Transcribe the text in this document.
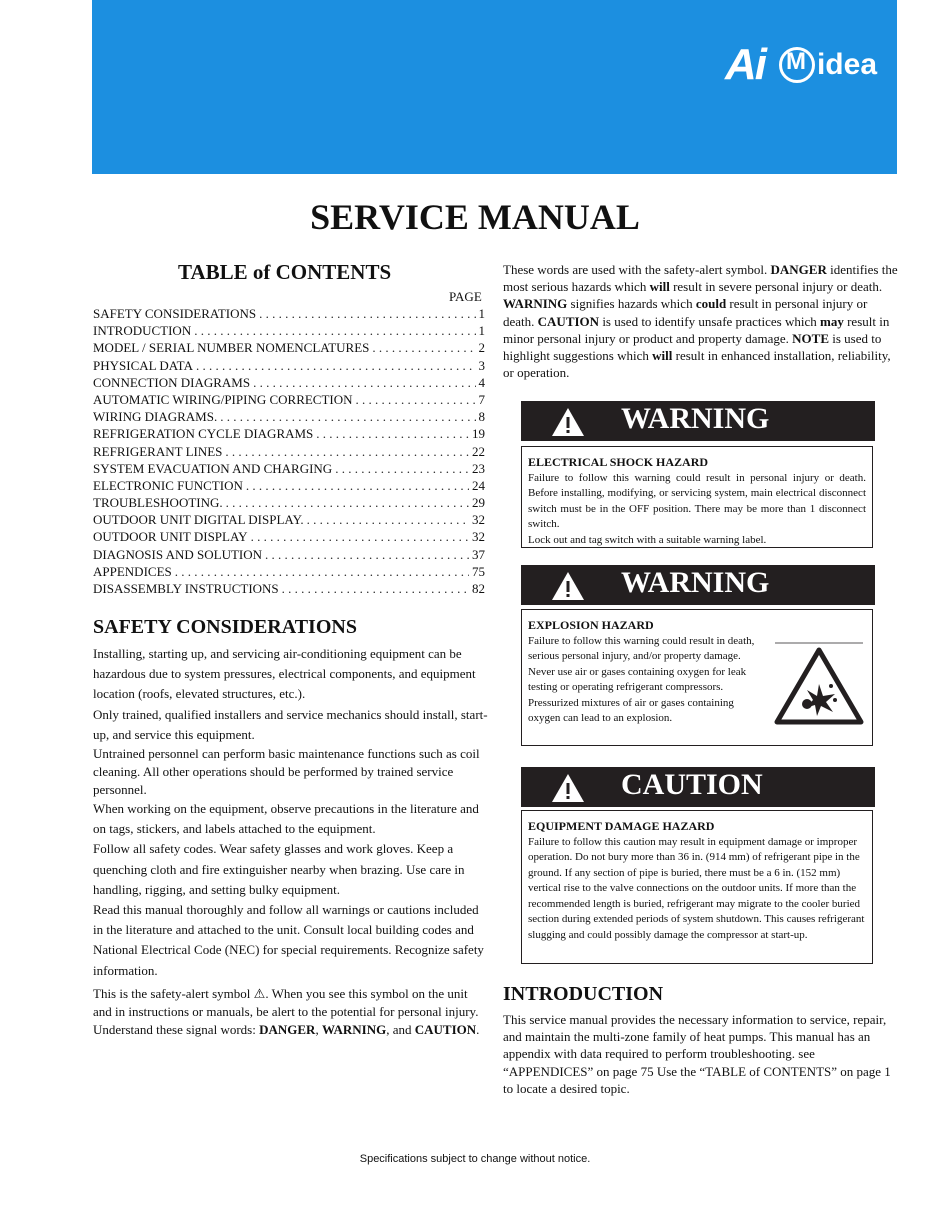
Ai M idea
SERVICE MANUAL
TABLE of CONTENTS
PAGE
SAFETY CONSIDERATIONS . . .	1
INTRODUCTION . . .	1
MODEL / SERIAL NUMBER NOMENCLATURES . . .	2
PHYSICAL DATA . . .	3
CONNECTION DIAGRAMS . . .	4
AUTOMATIC WIRING/PIPING CORRECTION . . .	7
WIRING DIAGRAMS. . . .	8
REFRIGERATION CYCLE DIAGRAMS . . .	19
REFRIGERANT LINES . . .	22
SYSTEM EVACUATION AND CHARGING . . .	23
ELECTRONIC FUNCTION . . .	24
TROUBLESHOOTING. . . .	29
OUTDOOR UNIT DIGITAL DISPLAY. . . .	32
OUTDOOR UNIT DISPLAY . . .	32
DIAGNOSIS AND SOLUTION . . .	37
APPENDICES . . .	75
DISASSEMBLY INSTRUCTIONS . . .	82
SAFETY CONSIDERATIONS

Installing, starting up, and servicing air-conditioning equipment can be hazardous due to system pressures, electrical components, and equipment location (roofs, elevated structures, etc.).

Only trained, qualified installers and service mechanics should install, start-up, and service this equipment.

Untrained personnel can perform basic maintenance functions such as coil cleaning. All other operations should be performed by trained service personnel.

When working on the equipment, observe precautions in the literature and on tags, stickers, and labels attached to the equipment.

Follow all safety codes. Wear safety glasses and work gloves. Keep a quenching cloth and fire extinguisher nearby when brazing. Use care in handling, rigging, and setting bulky equipment.

Read this manual thoroughly and follow all warnings or cautions included in the literature and attached to the unit. Consult local building codes and National Electrical Code (NEC) for special requirements. Recognize safety information.

This is the safety-alert symbol ⚠. When you see this symbol on the unit and in instructions or manuals, be alert to the potential for personal injury. Understand these signal words: DANGER, WARNING, and CAUTION.

These words are used with the safety-alert symbol. DANGER identifies the most serious hazards which will result in severe personal injury or death. WARNING signifies hazards which could result in personal injury or death. CAUTION is used to identify unsafe practices which may result in minor personal injury or product and property damage. NOTE is used to highlight suggestions which will result in enhanced installation, reliability, or operation.

WARNING
ELECTRICAL SHOCK HAZARD
Failure to follow this warning could result in personal injury or death. Before installing, modifying, or servicing system, main electrical disconnect switch must be in the OFF position. There may be more than 1 disconnect switch.
Lock out and tag switch with a suitable warning label.
WARNING
EXPLOSION HAZARD
Failure to follow this warning could result in death, serious personal injury, and/or property damage. Never use air or gases containing oxygen for leak testing or operating refrigerant compressors. Pressurized mixtures of air or gases containing oxygen can lead to an explosion.
CAUTION
EQUIPMENT DAMAGE HAZARD
Failure to follow this caution may result in equipment damage or improper operation. Do not bury more than 36 in. (914 mm) of refrigerant pipe in the ground. If any section of pipe is buried, there must be a 6 in. (152 mm) vertical rise to the valve connections on the outdoor units. If more than the recommended length is buried, refrigerant may migrate to the cooler buried section during extended periods of system shutdown. This causes refrigerant slugging and could possibly damage the compressor at start-up.
INTRODUCTION
This service manual provides the necessary information to service, repair, and maintain the multi-zone family of heat pumps. This manual has an appendix with data required to perform troubleshooting. see “APPENDICES” on page 75 Use the “TABLE of CONTENTS” on page 1 to locate a desired topic.
Specifications subject to change without notice.
